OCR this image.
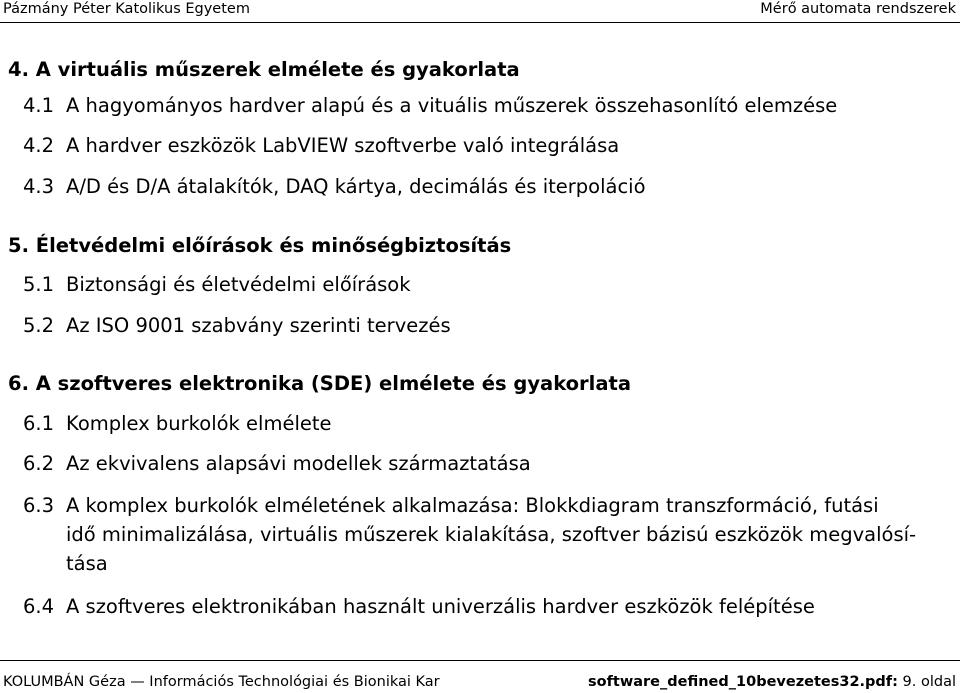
Pázmány Péter Katolikus Egyetem	Mérő automata rendszerek
4. A virtuális műszerek elmélete és gyakorlata
4.1 A hagyományos hardver alapú és a vituális műszerek összehasonlító elemzése
4.2 A hardver eszközök LabVIEW szoftverbe való integrálása
4.3 A/D és D/A átalakítók, DAQ kártya, decimálás és iterpoláció
5. Életvédelmi előírások és minőségbiztosítás
5.1 Biztonsági és életvédelmi előírások
5.2 Az ISO 9001 szabvány szerinti tervezés
6. A szoftveres elektronika (SDE) elmélete és gyakorlata
6.1 Komplex burkolók elmélete
6.2 Az ekvivalens alapsávi modellek származtatása
6.3 A komplex burkolók elméletének alkalmazása: Blokkdiagram transzformáció, futási
idő minimalizálása, virtuális műszerek kialakítása, szoftver bázisú eszközök megvalósí-
tása
6.4 A szoftveres elektronikában használt univerzális hardver eszközök felépítése
KOLUMBÁN Géza — Információs Technológiai és Bionikai Kar	software_defined_10bevezetes32.pdf: 9. oldal
